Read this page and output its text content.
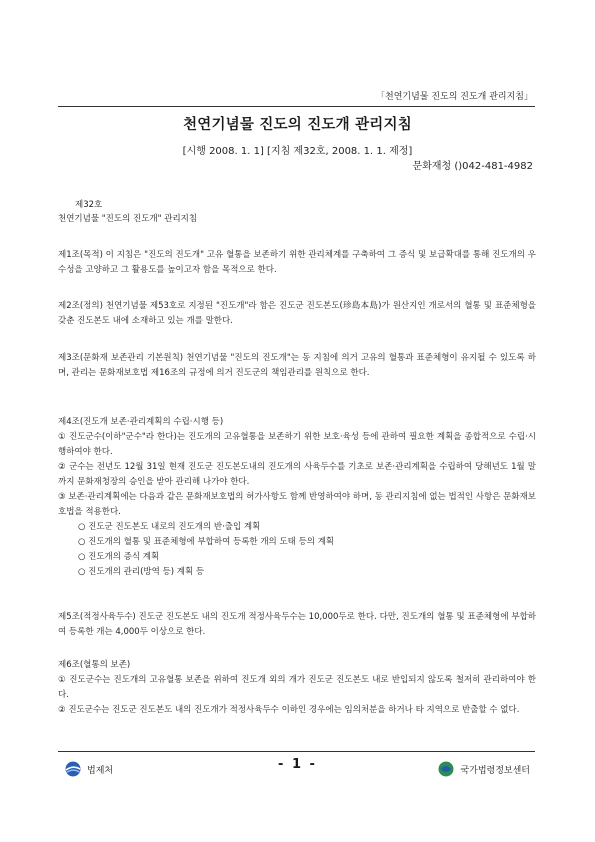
「천연기념물 진도의 진도개 관리지침」
천연기념물 진도의 진도개 관리지침
[시행 2008. 1. 1] [지침 제32호, 2008. 1. 1. 제정]
문화재청 ()042-481-4982
제32호
천연기념물 "진도의 진도개" 관리지침

제1조(목적) 이 지침은 "진도의 진도개" 고유 혈통을 보존하기 위한 관리체계를 구축하여 그 증식 및 보급확대를 통해 진도개의 우수성을 고양하고 그 활용도를 높이고자 함을 목적으로 한다.

제2조(정의) 천연기념물 제53호로 지정된 "진도개"라 함은 진도군 진도본도(珍島本島)가 원산지인 개로서의 혈통 및 표준체형을 갖춘 진도본도 내에 소재하고 있는 개를 말한다.

제3조(문화재 보존관리 기본원칙) 천연기념물 "진도의 진도개"는 동 지침에 의거 고유의 혈통과 표준체형이 유지될 수 있도록 하며, 관리는 문화재보호법 제16조의 규정에 의거 진도군의 책임관리를 원칙으로 한다.

제4조(진도개 보존·관리계획의 수립·시행 등)

① 진도군수(이하"군수"라 한다)는 진도개의 고유혈통을 보존하기 위한 보호·육성 등에 관하여 필요한 계획을 종합적으로 수립·시행하여야 한다.

② 군수는 전년도 12월 31일 현재 진도군 진도본도내의 진도개의 사육두수를 기초로 보존·관리계획을 수립하여 당해년도 1월 말까지 문화재청장의 승인을 받아 관리해 나가야 한다.

③ 보존·관리계획에는 다음과 같은 문화재보호법의 허가사항도 함께 반영하여야 하며, 동 관리지침에 없는 법적인 사항은 문화재보호법을 적용한다.

○ 진도군 진도본도 내로의 진도개의 반·출입 계획

○ 진도개의 혈통 및 표준체형에 부합하여 등록한 개의 도태 등의 계획

○ 진도개의 증식 계획

○ 진도개의 관리(방역 등) 계획 등

제5조(적정사육두수) 진도군 진도본도 내의 진도개 적정사육두수는 10,000두로 한다. 다만, 진도개의 혈통 및 표준체형에 부합하여 등록한 개는 4,000두 이상으로 한다.

제6조(혈통의 보존)

① 진도군수는 진도개의 고유혈통 보존을 위하여 진도개 외의 개가 진도군 진도본도 내로 반입되지 않도록 철저히 관리하여야 한다.

② 진도군수는 진도군 진도본도 내의 진도개가 적정사육두수 이하인 경우에는 임의처분을 하거나 타 지역으로 반출할 수 없다.

법제처	- 1 -	국가법령정보센터
